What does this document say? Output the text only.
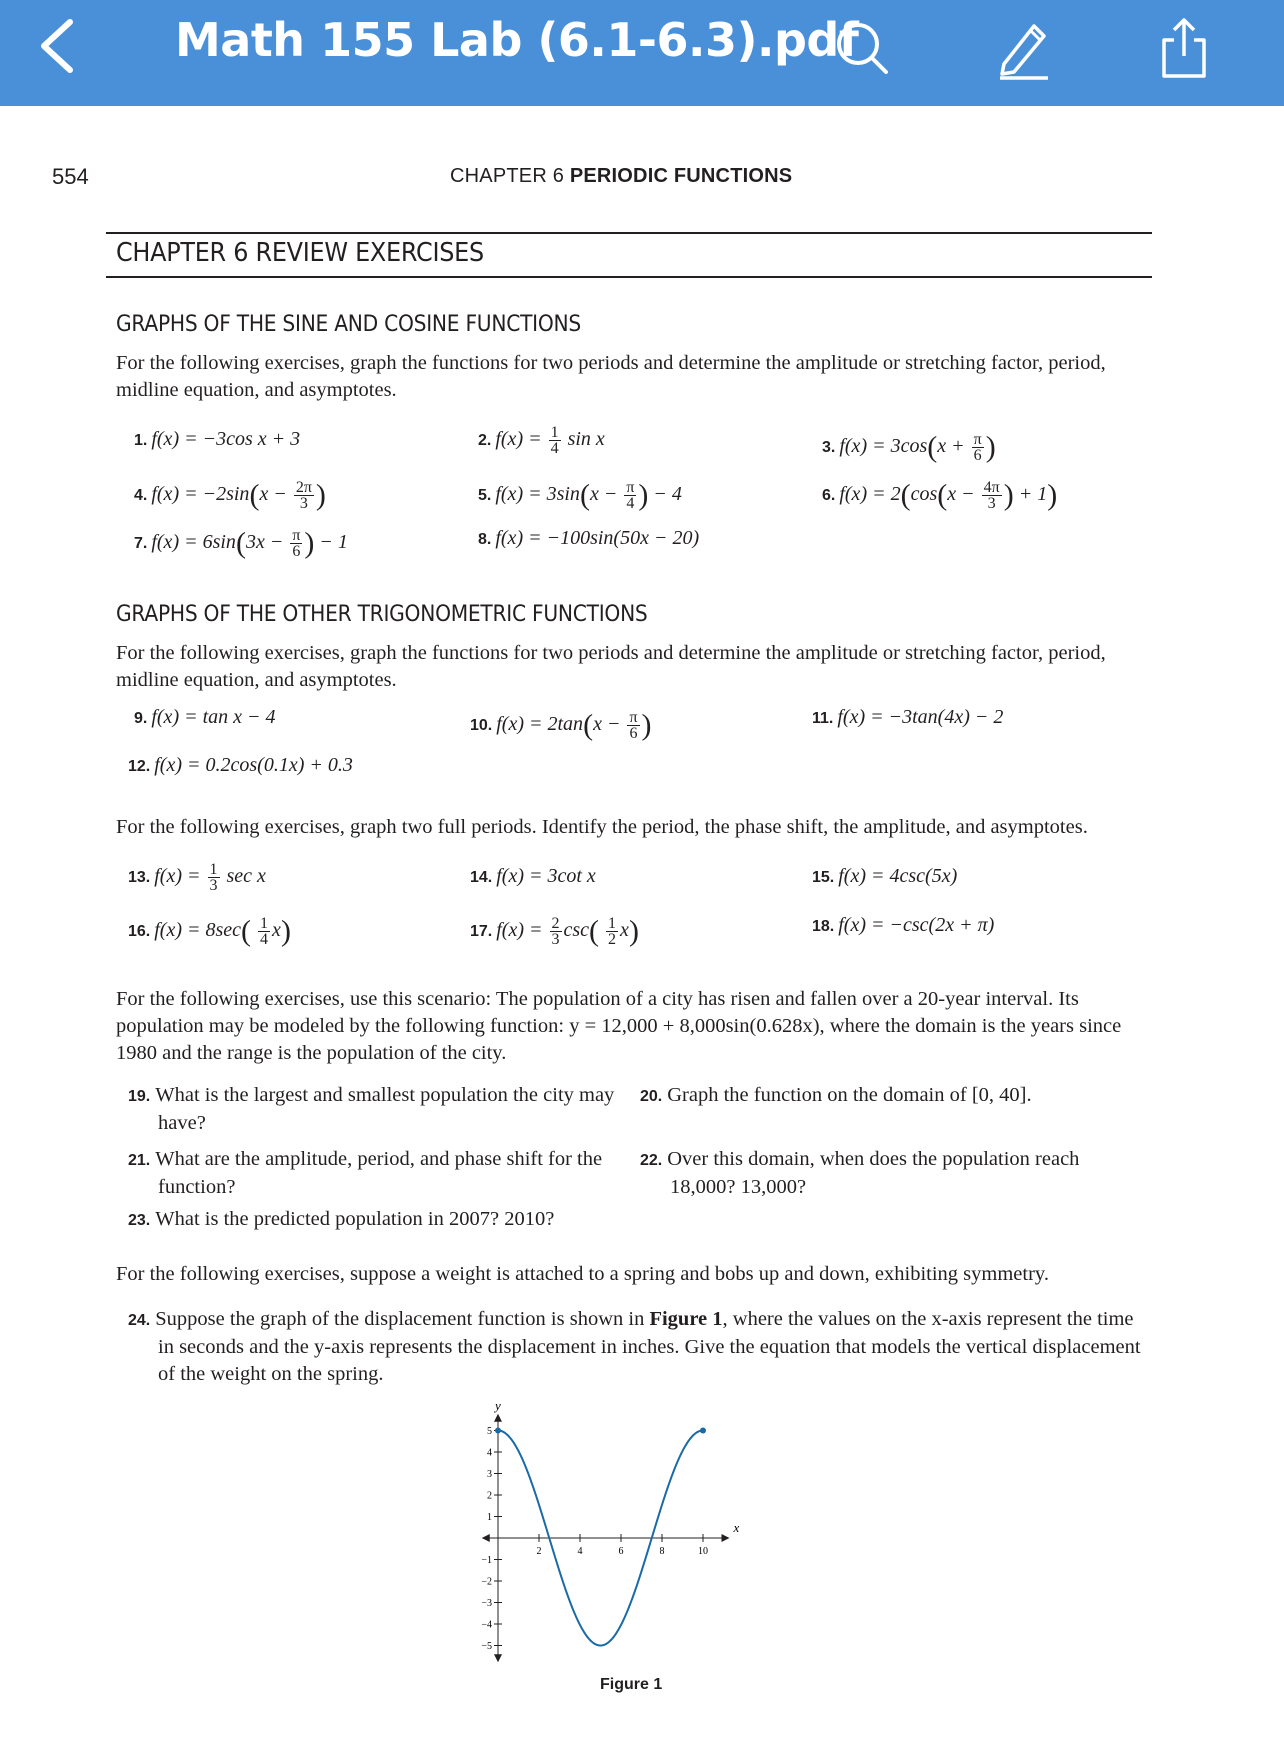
Math 155 Lab (6.1-6.3).pdf
554	CHAPTER 6 PERIODIC FUNCTIONS
CHAPTER 6 REVIEW EXERCISES
GRAPHS OF THE SINE AND COSINE FUNCTIONS
For the following exercises, graph the functions for two periods and determine the amplitude or stretching factor, period, midline equation, and asymptotes.
1. f(x) = −3cos x + 3	2. $f(x) = \frac{1}{4}$ sin x	3. $f(x) = 3\cos(x + \frac{\pi}{6}$ )
4. $f(x) = -2\sin(x - \frac{2\pi}{3}$ )	5. $f(x) = 3\sin(x - \frac{\pi}{4}$ ) − 4	6. $f(x) = 2(\cos(x - \frac{4\pi}{3}$ ) + 1)
7. $f(x) = 6\sin(3x - \frac{\pi}{6}$ ) − 1	8. f(x) = −100sin(50x − 20)
GRAPHS OF THE OTHER TRIGONOMETRIC FUNCTIONS
For the following exercises, graph the functions for two periods and determine the amplitude or stretching factor, period, midline equation, and asymptotes.
9. f(x) = tan x − 4	10. $f(x) = 2\tan(x - \frac{\pi}{6}$ )	11. f(x) = −3tan(4x) − 2
12. f(x) = 0.2cos(0.1x) + 0.3
For the following exercises, graph two full periods. Identify the period, the phase shift, the amplitude, and asymptotes.
13. $f(x) = \frac{1}{3}$ sec x	14. f(x) = 3cot x	15. f(x) = 4csc(5x)
16. $f(x) = 8\sec( \frac{1}{4} x)$	17. $f(x) = \frac{2}{3} \csc( \frac{1}{2} x)$	18. f(x) = −csc(2x + π)
For the following exercises, use this scenario: The population of a city has risen and fallen over a 20-year interval. Its population may be modeled by the following function: y = 12,000 + 8,000sin(0.628x), where the domain is the years since 1980 and the range is the population of the city.
19. What is the largest and smallest population the city may have?
20. Graph the function on the domain of [0, 40].
21. What are the amplitude, period, and phase shift for the function?
22. Over this domain, when does the population reach 18,000? 13,000?
23. What is the predicted population in 2007? 2010?
For the following exercises, suppose a weight is attached to a spring and bobs up and down, exhibiting symmetry.
24. Suppose the graph of the displacement function is shown in Figure 1, where the values on the x-axis represent the time in seconds and the y-axis represents the displacement in inches. Give the equation that models the vertical displacement of the weight on the spring.
2	4	6	8	10
−5
−4
−3
−2
−1
1
2
3
4
5
x
y
Figure 1
